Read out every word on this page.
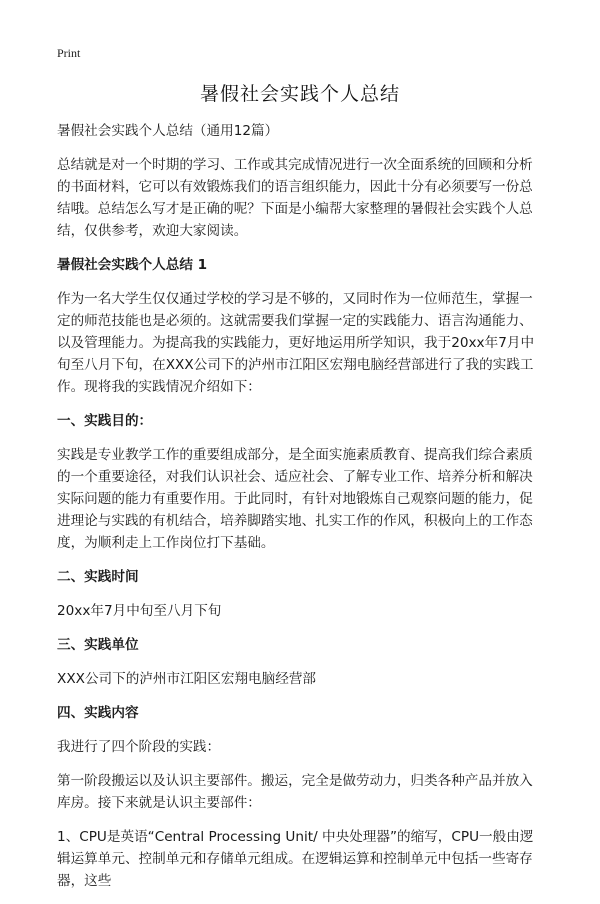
Print
暑假社会实践个人总结

暑假社会实践个人总结（通用12篇）

总结就是对一个时期的学习、工作或其完成情况进行一次全面系统的回顾和分析的书面材料，它可以有效锻炼我们的语言组织能力，因此十分有必须要写一份总结哦。总结怎么写才是正确的呢？下面是小编帮大家整理的暑假社会实践个人总结，仅供参考，欢迎大家阅读。

暑假社会实践个人总结 1

作为一名大学生仅仅通过学校的学习是不够的，又同时作为一位师范生，掌握一定的师范技能也是必须的。这就需要我们掌握一定的实践能力、语言沟通能力、以及管理能力。为提高我的实践能力，更好地运用所学知识，我于20xx年7月中旬至八月下旬，在XXX公司下的泸州市江阳区宏翔电脑经营部进行了我的实践工作。现将我的实践情况介绍如下：

一、实践目的：

实践是专业教学工作的重要组成部分，是全面实施素质教育、提高我们综合素质的一个重要途径，对我们认识社会、适应社会、了解专业工作、培养分析和解决实际问题的能力有重要作用。于此同时，有针对地锻炼自己观察问题的能力，促进理论与实践的有机结合，培养脚踏实地、扎实工作的作风，积极向上的工作态度，为顺利走上工作岗位打下基础。

二、实践时间

20xx年7月中旬至八月下旬

三、实践单位

XXX公司下的泸州市江阳区宏翔电脑经营部

四、实践内容

我进行了四个阶段的实践：

第一阶段搬运以及认识主要部件。搬运，完全是做劳动力，归类各种产品并放入库房。接下来就是认识主要部件：

1、CPU是英语“Central Processing Unit/ 中央处理器”的缩写，CPU一般由逻辑运算单元、控制单元和存储单元组成。在逻辑运算和控制单元中包括一些寄存器，这些
